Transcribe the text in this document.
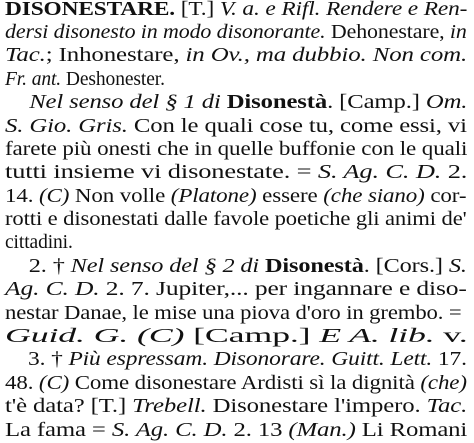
DISONESTARE. [T.] V. a. e Rifl. Rendere e Ren-
dersi disonesto in modo disonorante. Dehonestare, in
Tac.; Inhonestare, in Ov., ma dubbio. Non com.
Fr. ant. Deshonester.
Nel senso del § 1 di Disonestà. [Camp.] Om.
S. Gio. Gris. Con le quali cose tu, come essi, vi
farete più onesti che in quelle buffonie con le quali
tutti insieme vi disonestate. = S. Ag. C. D. 2.
14. (C) Non volle (Platone) essere (che siano) cor-
rotti e disonestati dalle favole poetiche gli animi de'
cittadini.
2. † Nel senso del § 2 di Disonestà. [Cors.] S.
Ag. C. D. 2. 7. Jupiter,... per ingannare e diso-
nestar Danae, le mise una piova d'oro in grembo. =
Guid. G. (C) [Camp.] E A. lib. v.
3. † Più espressam. Disonorare. Guitt. Lett. 17.
48. (C) Come disonestare Ardisti sì la dignità (che)
t'è data? [T.] Trebell. Disonestare l'impero. Tac.
La fama = S. Ag. C. D. 2. 13 (Man.) Li Romani
